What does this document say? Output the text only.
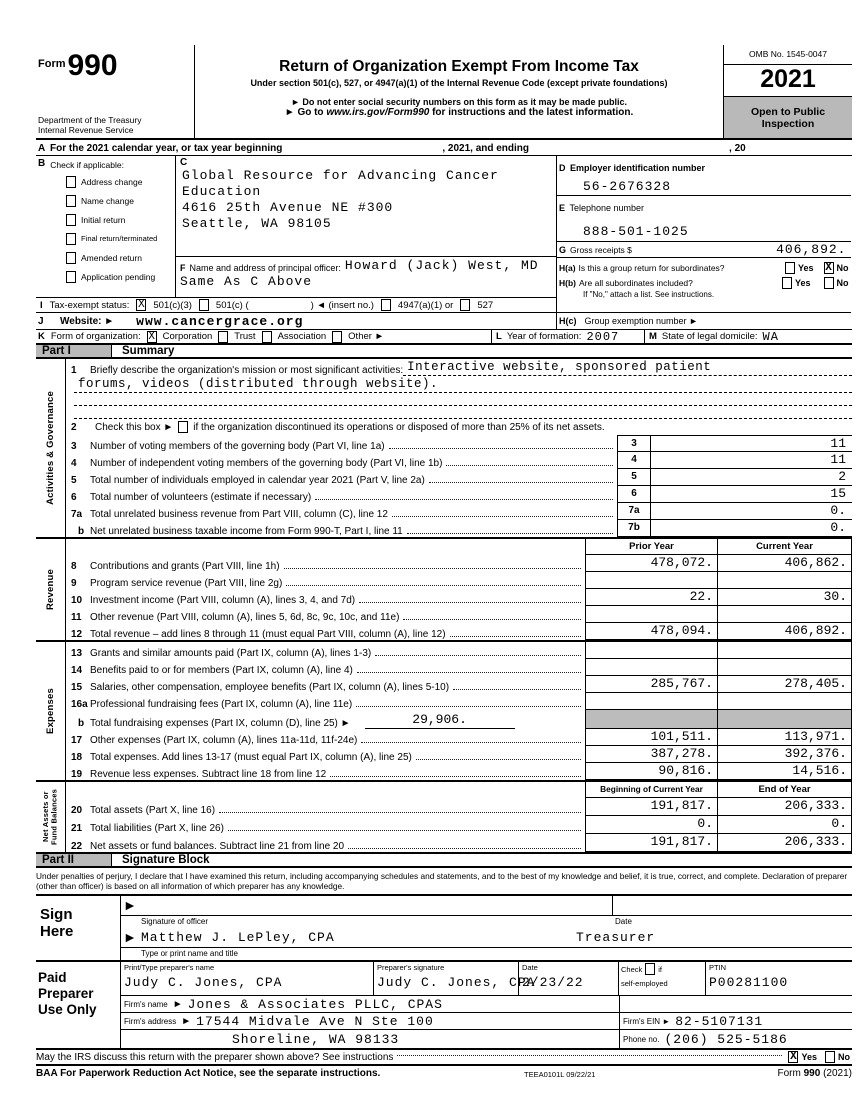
$^{Form}$990
Department of the Treasury
Internal Revenue Service
Return of Organization Exempt From Income Tax
Under section 501(c), 527, or 4947(a)(1) of the Internal Revenue Code (except private foundations)
► Do not enter social security numbers on this form as it may be made public.
► Go to www.irs.gov/Form990 for instructions and the latest information.
OMB No. 1545-0047
2021
Open to Public
Inspection
A For the 2021 calendar year, or tax year beginning	, 2021, and ending	, 20
B Check if applicable:
Address change
Name change
Initial return
Final return/terminated
Amended return
Application pending
C
Global Resource for Advancing Cancer
Education
4616 25th Avenue NE #300
Seattle, WA 98105
F Name and address of principal officer: Howard (Jack) West, MD
Same As C Above
I Tax-exempt status: X 501(c)(3)	501(c) (	) ◄ (insert no.)	4947(a)(1) or	527
J	Website: ► www.cancergrace.org
D Employer identification number
56-2676328
E Telephone number
888-501-1025
G Gross receipts $	406,892.
H(a) Is this a group return for subordinates?	Yes X No
H(b) Are all subordinates included?	Yes	No
If "No," attach a list. See instructions.
H(c) Group exemption number ►
K Form of organization: X Corporation Trust Association Other ►	L Year of formation: 2007	M State of legal domicile: WA
Part I	Summary
Activities & Governance
1	Briefly describe the organization's mission or most significant activities: Interactive website, sponsored patient
forums, videos (distributed through website).
2	Check this box ► if the organization discontinued its operations or disposed of more than 25% of its net assets.
3	Number of voting members of the governing body (Part VI, line 1a)	3	11
4	Number of independent voting members of the governing body (Part VI, line 1b)	4	11
5	Total number of individuals employed in calendar year 2021 (Part V, line 2a)	5	2
6	Total number of volunteers (estimate if necessary)	6	15
7a Total unrelated business revenue from Part VIII, column (C), line 12	7a	0.
b Net unrelated business taxable income from Form 990-T, Part I, line 11	7b	0.
Revenue
Prior Year	Current Year
8	Contributions and grants (Part VIII, line 1h)	478,072.	406,862.
9	Program service revenue (Part VIII, line 2g)
10 Investment income (Part VIII, column (A), lines 3, 4, and 7d)	22.	30.
11 Other revenue (Part VIII, column (A), lines 5, 6d, 8c, 9c, 10c, and 11e)
12 Total revenue – add lines 8 through 11 (must equal Part VIII, column (A), line 12)	478,094.	406,892.
Expenses
13 Grants and similar amounts paid (Part IX, column (A), lines 1-3)
14 Benefits paid to or for members (Part IX, column (A), line 4)
15 Salaries, other compensation, employee benefits (Part IX, column (A), lines 5-10)	285,767.	278,405.
16a Professional fundraising fees (Part IX, column (A), line 11e)
b Total fundraising expenses (Part IX, column (D), line 25) ►	29,906.
17 Other expenses (Part IX, column (A), lines 11a-11d, 11f-24e)	101,511.	113,971.
18 Total expenses. Add lines 13-17 (must equal Part IX, column (A), line 25)	387,278.	392,376.
19 Revenue less expenses. Subtract line 18 from line 12	90,816.	14,516.
Net Assets or Fund Balances
Beginning of Current Year	End of Year
20 Total assets (Part X, line 16)	191,817.	206,333.
21 Total liabilities (Part X, line 26)	0.	0.
22 Net assets or fund balances. Subtract line 21 from line 20	191,817.	206,333.
Part II	Signature Block
Under penalties of perjury, I declare that I have examined this return, including accompanying schedules and statements, and to the best of my knowledge and belief, it is true, correct, and complete. Declaration of preparer (other than officer) is based on all information of which preparer has any knowledge.
Sign
Here
►
Signature of officer	Date
► Matthew J. LePley, CPA	Treasurer
Type or print name and title
Paid
Preparer
Use Only
Print/Type preparer's name
Judy C. Jones, CPA
Preparer's signature
Judy C. Jones, CPA
Date
2/23/22
Check if
self-employed
PTIN
P00281100
Firm's name ► Jones & Associates PLLC, CPAS
Firm's address ► 17544 Midvale Ave N Ste 100	Firm's EIN ► 82-5107131
Shoreline, WA 98133	Phone no. (206) 525-5186
May the IRS discuss this return with the preparer shown above? See instructions	X Yes No
BAA For Paperwork Reduction Act Notice, see the separate instructions.	TEEA0101L 09/22/21	Form 990 (2021)
